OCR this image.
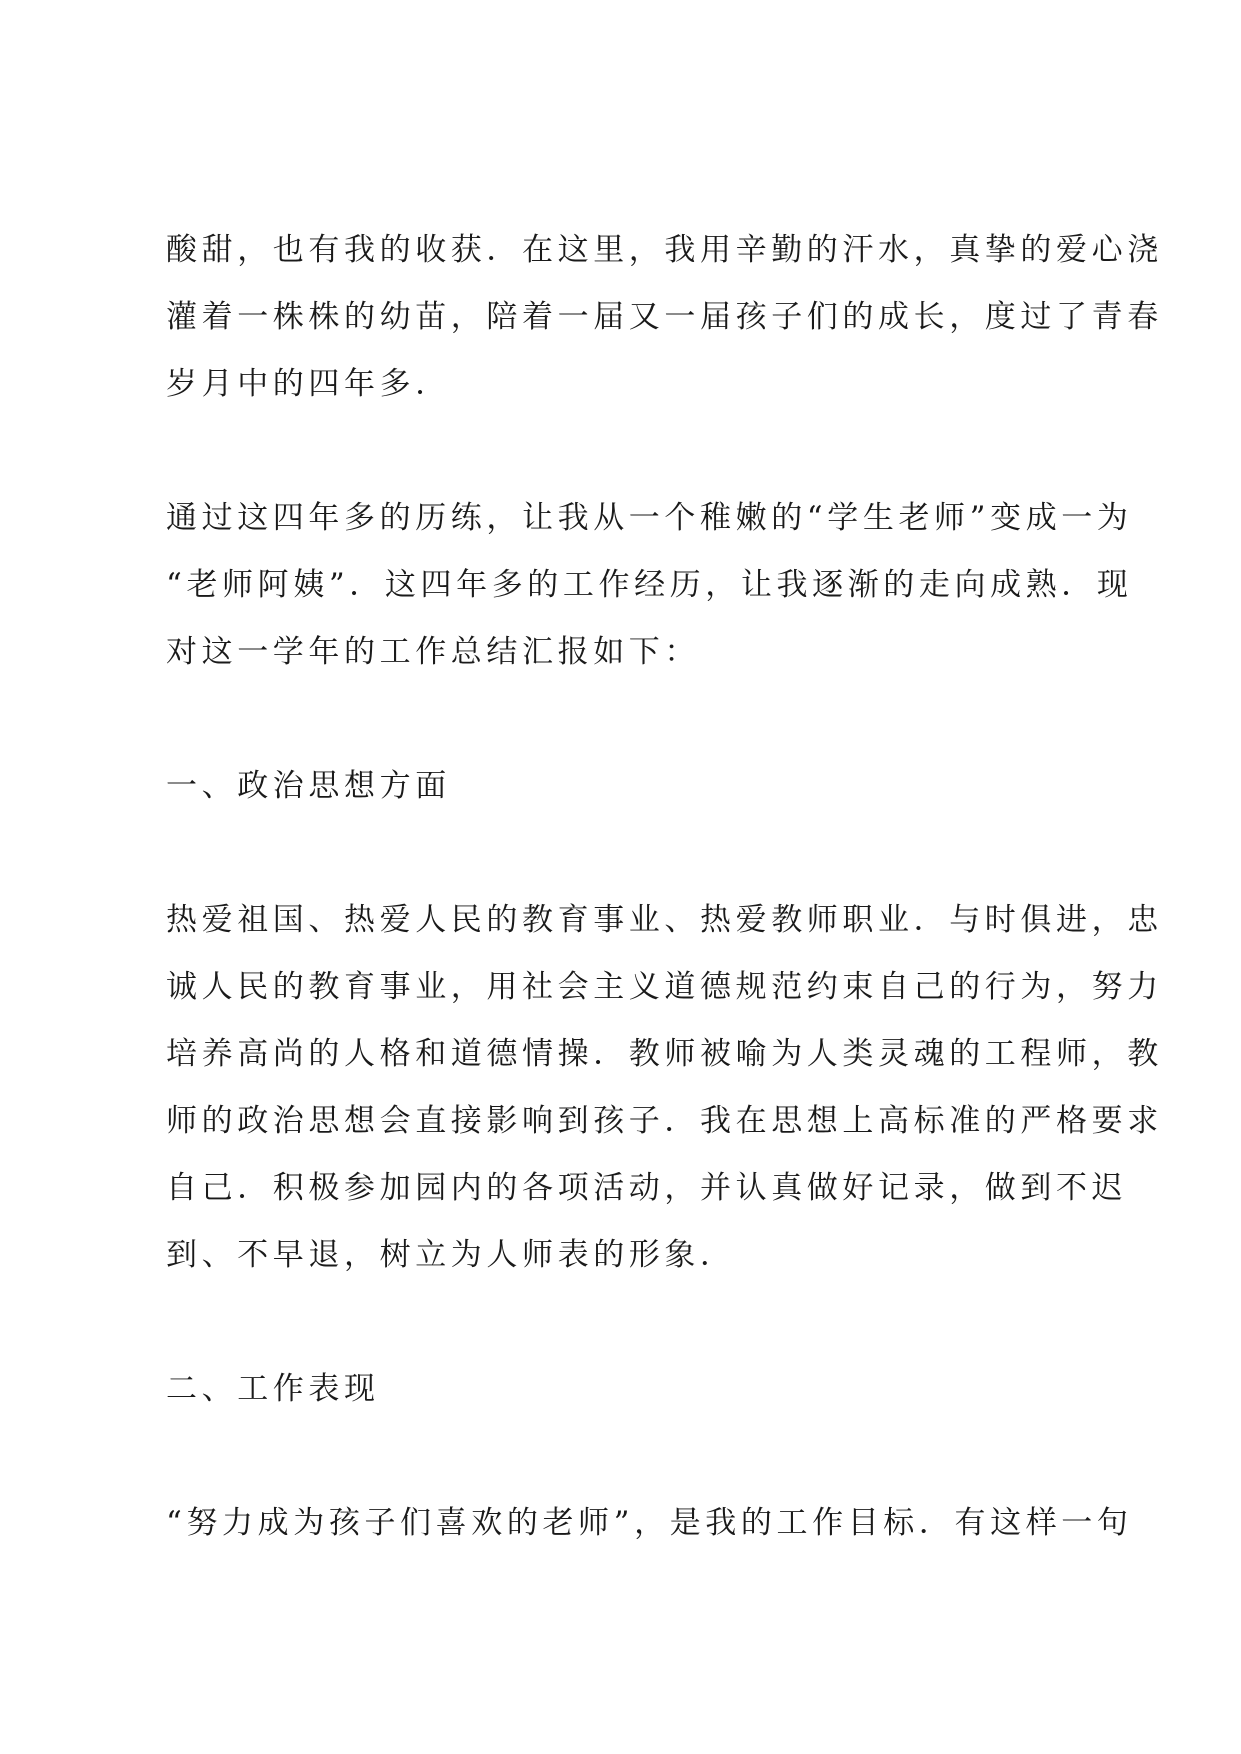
酸甜，也有我的收获．在这里，我用辛勤的汗水，真挚的爱心浇
灌着一株株的幼苗，陪着一届又一届孩子们的成长，度过了青春
岁月中的四年多．
通过这四年多的历练，让我从一个稚嫩的“学生老师”变成一为
“老师阿姨”．这四年多的工作经历，让我逐渐的走向成熟．现
对这一学年的工作总结汇报如下：
一、政治思想方面
热爱祖国、热爱人民的教育事业、热爱教师职业．与时俱进，忠
诚人民的教育事业，用社会主义道德规范约束自己的行为，努力
培养高尚的人格和道德情操．教师被喻为人类灵魂的工程师，教
师的政治思想会直接影响到孩子．我在思想上高标准的严格要求
自己．积极参加园内的各项活动，并认真做好记录，做到不迟
到、不早退，树立为人师表的形象．
二、工作表现
“努力成为孩子们喜欢的老师”，是我的工作目标．有这样一句
